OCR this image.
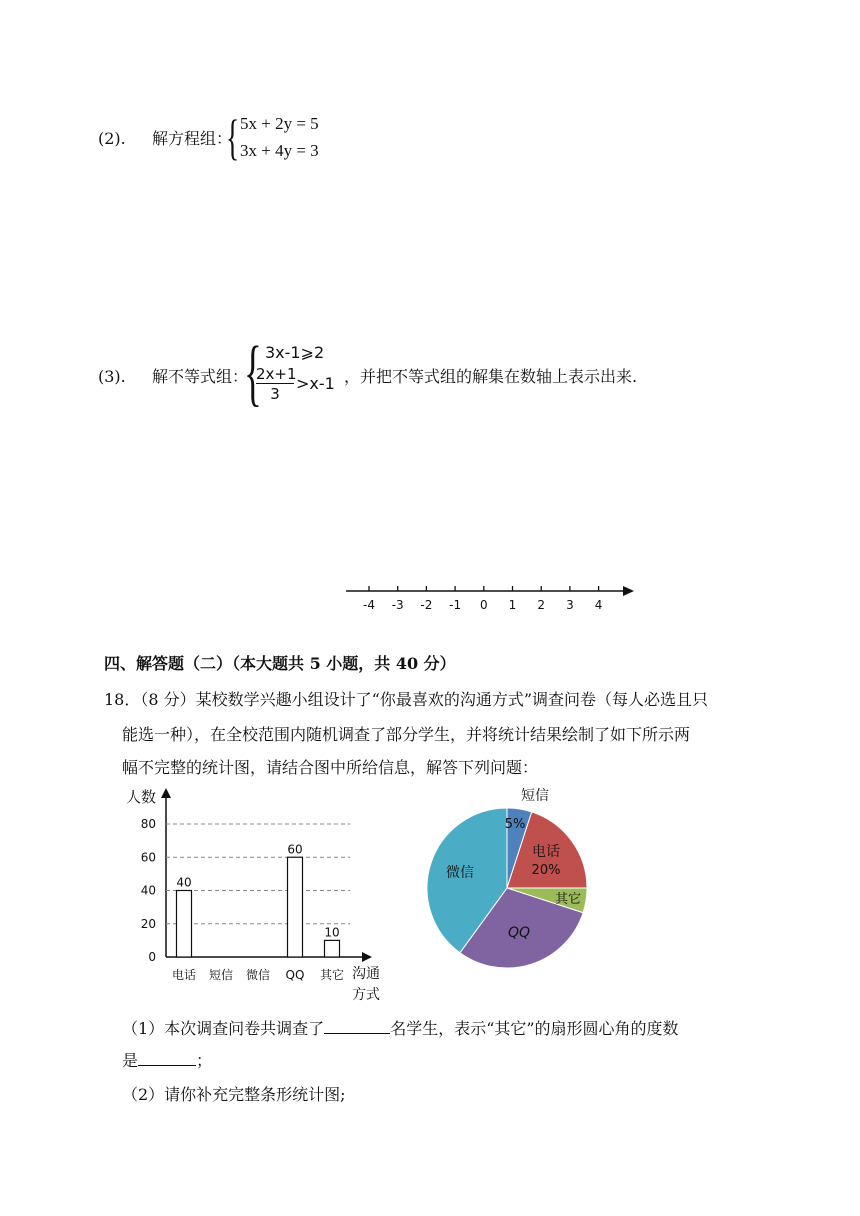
(2). 解方程组：
{ 5x + 2y = 5
3x + 4y = 3
(3). 解不等式组：
{ 3x-1⩾2
$\frac{2x+1}{3} >x-1$ ，并把不等式组的解集在数轴上表示出来.
-4 -3 -2 -1 0 1 2 3 4
四、解答题（二）（本大题共 5 小题，共 40 分）
18．（8 分）某校数学兴趣小组设计了“你最喜欢的沟通方式”调查问卷（每人必选且只
能选一种），在全校范围内随机调查了部分学生，并将统计结果绘制了如下所示两
幅不完整的统计图，请结合图中所给信息，解答下列问题：
人数
沟通
方式
0
20
40
60
80
电话
40
短信 微信 QQ
60
其它
10
短信
5%
电话
20%
其它
QQ
微信
（1）本次调查问卷共调查了	名学生，表示“其它”的扇形圆心角的度数
是	；
（2）请你补充完整条形统计图;
